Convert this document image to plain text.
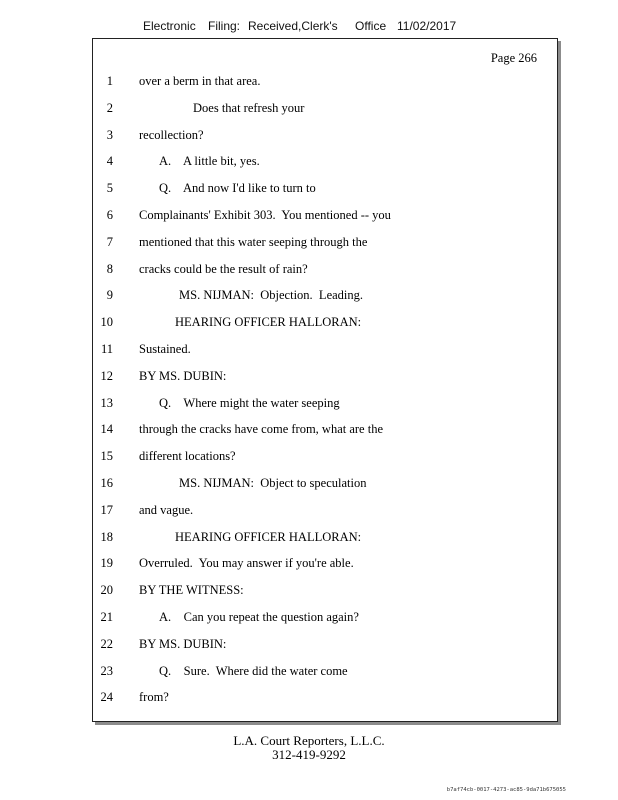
Electronic Filing: Received,Clerk's Office 11/02/2017
Page 266
1 over a berm in that area.
2	Does that refresh your
3 recollection?
4	A.    A little bit, yes.
5	Q.    And now I'd like to turn to
6 Complainants' Exhibit 303.  You mentioned -- you
7 mentioned that this water seeping through the
8 cracks could be the result of rain?
9	MS. NIJMAN:  Objection.  Leading.
10	HEARING OFFICER HALLORAN:
11 Sustained.
12 BY MS. DUBIN:
13	Q.    Where might the water seeping
14 through the cracks have come from, what are the
15 different locations?
16	MS. NIJMAN:  Object to speculation
17 and vague.
18	HEARING OFFICER HALLORAN:
19 Overruled.  You may answer if you're able.
20 BY THE WITNESS:
21	A.    Can you repeat the question again?
22 BY MS. DUBIN:
23	Q.    Sure.  Where did the water come
24 from?
L.A. Court Reporters, L.L.C.
312-419-9292
b7af74cb-0017-4273-ac85-9da71b675055
